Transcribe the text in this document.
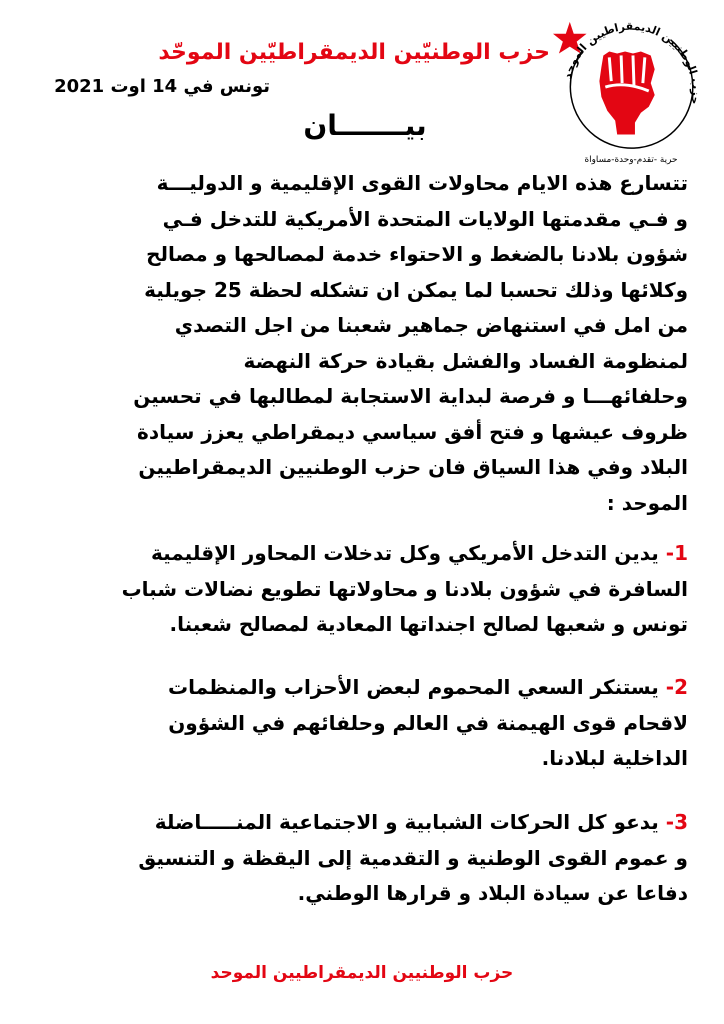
حزب الوطنيين الديمقراطيين الموحد
حرية -تقدم-وحدة-مساواة
حزب الوطنيّين الديمقراطيّين الموحّد
تونس في 14 اوت 2021
بيـــــــان
تتسارع هذه الايام محاولات القوى الإقليمية و الدوليـــة
و فـي مقدمتها الولايات المتحدة الأمريكية للتدخل فـي
شؤون بلادنا بالضغط و الاحتواء خدمة لمصالحها و مصالح
وكلائها وذلك تحسبا لما يمكن ان تشكله لحظة 25 جويلية
من امل في استنهاض جماهير شعبنا من اجل التصدي
لمنظومة الفساد والفشل بقيادة حركة النهضة
وحلفائهـــا و فرصة لبداية الاستجابة لمطالبها في تحسين
ظروف عيشها و فتح أفق سياسي ديمقراطي يعزز سيادة
البلاد وفي هذا السياق فان حزب الوطنيين الديمقراطيين
الموحد :
1- يدين التدخل الأمريكي وكل تدخلات المحاور الإقليمية
السافرة في شؤون بلادنا و محاولاتها تطويع نضالات شباب
تونس و شعبها لصالح اجنداتها المعادية لمصالح شعبنا.
2- يستنكر السعي المحموم لبعض الأحزاب والمنظمات
لاقحام قوى الهيمنة في العالم وحلفائهم في الشؤون
الداخلية لبلادنا.
3- يدعو كل الحركات الشبابية و الاجتماعية المنـــــاضلة
و عموم القوى الوطنية و التقدمية إلى اليقظة و التنسيق
دفاعا عن سيادة البلاد و قرارها الوطني.
حزب الوطنيين الديمقراطيين الموحد
